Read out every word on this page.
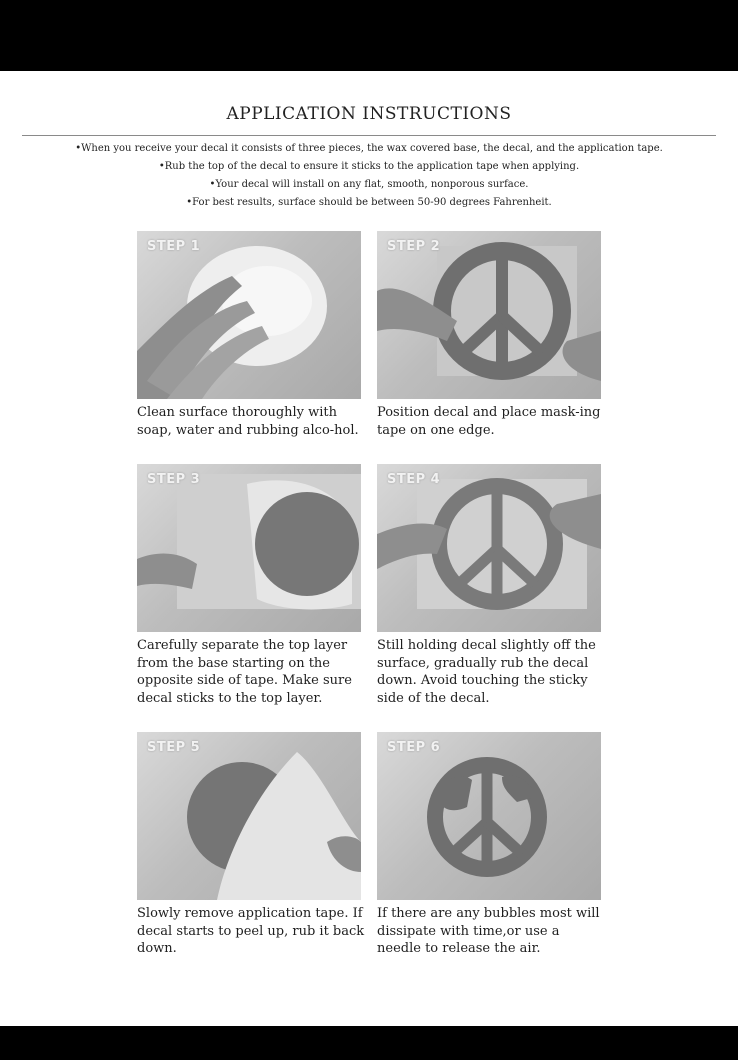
APPLICATION INSTRUCTIONS
• When you receive your decal it consists of three pieces, the wax covered base, the decal, and the application tape.
• Rub the top of the decal to ensure it sticks to the application tape when applying.
• Your decal will install on any flat, smooth, nonporous surface.
• For best results, surface should be between 50-90 degrees Fahrenheit.
STEP 1
Clean surface thoroughly with soap, water and rubbing alco-hol.
STEP 2
Position decal and place mask-ing tape on one edge.
STEP 3
Carefully separate the top layer from the base starting on the opposite side of tape. Make sure decal sticks to the top layer.
STEP 4
Still holding decal slightly off the surface, gradually rub the decal down. Avoid touching the sticky side of the decal.
STEP 5
Slowly remove application tape. If decal starts to peel up, rub it back down.
STEP 6
If there are any bubbles most will dissipate with time,or use a needle to release the air.
